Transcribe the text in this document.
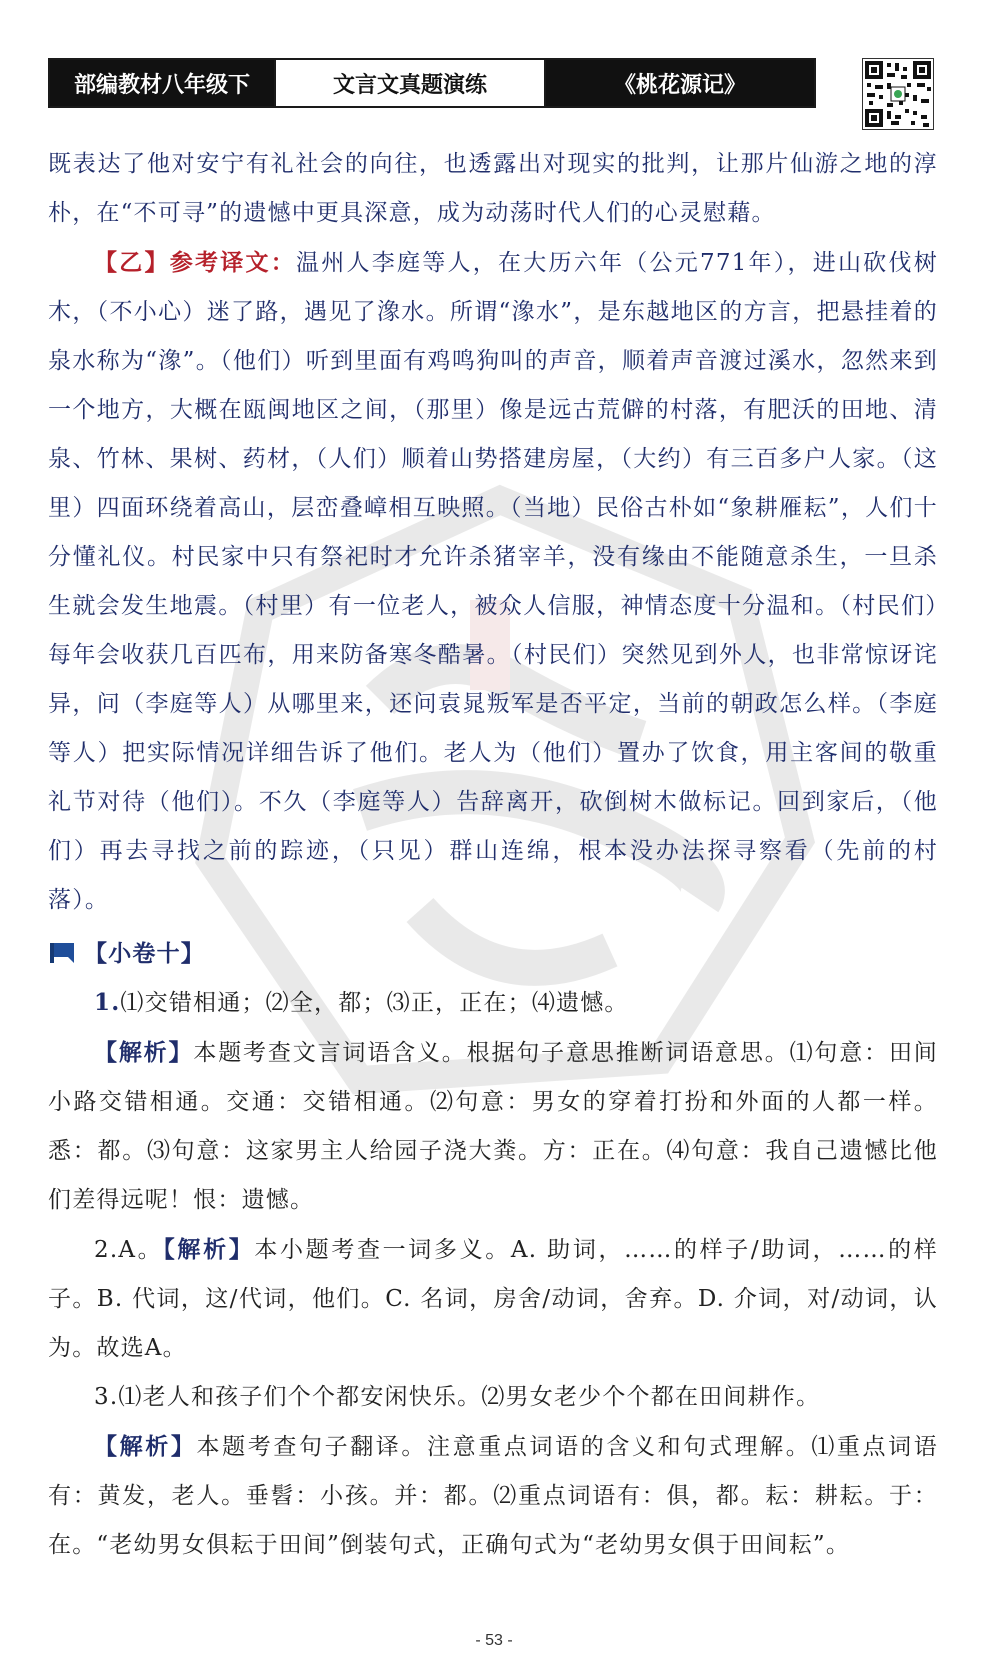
部编教材八年级下	文言文真题演练	《桃花源记》

既表达了他对安宁有礼社会的向往，也透露出对现实的批判，让那片仙游之地的淳朴，在“不可寻”的遗憾中更具深意，成为动荡时代人们的心灵慰藉。

【乙】参考译文：温州人李庭等人，在大历六年（公元771年），进山砍伐树木，（不小心）迷了路，遇见了潒水。所谓“潒水”，是东越地区的方言，把悬挂着的泉水称为“潒”。（他们）听到里面有鸡鸣狗叫的声音，顺着声音渡过溪水，忽然来到一个地方，大概在瓯闽地区之间，（那里）像是远古荒僻的村落，有肥沃的田地、清泉、竹林、果树、药材，（人们）顺着山势搭建房屋，（大约）有三百多户人家。（这里）四面环绕着高山，层峦叠嶂相互映照。（当地）民俗古朴如“象耕雁耘”，人们十分懂礼仪。村民家中只有祭祀时才允许杀猪宰羊，没有缘由不能随意杀生，一旦杀生就会发生地震。（村里）有一位老人，被众人信服，神情态度十分温和。（村民们）每年会收获几百匹布，用来防备寒冬酷暑。（村民们）突然见到外人，也非常惊讶诧异，问（李庭等人）从哪里来，还问袁晁叛军是否平定，当前的朝政怎么样。（李庭等人）把实际情况详细告诉了他们。老人为（他们）置办了饮食，用主客间的敬重礼节对待（他们）。不久（李庭等人）告辞离开，砍倒树木做标记。回到家后，（他们）再去寻找之前的踪迹，（只见）群山连绵，根本没办法探寻察看（先前的村落）。

【小卷十】

1.⑴交错相通；⑵全，都；⑶正，正在；⑷遗憾。

【解析】本题考查文言词语含义。根据句子意思推断词语意思。⑴句意：田间小路交错相通。交通：交错相通。⑵句意：男女的穿着打扮和外面的人都一样。悉：都。⑶句意：这家男主人给园子浇大粪。方：正在。⑷句意：我自己遗憾比他们差得远呢！恨：遗憾。

2.A。【解析】本小题考查一词多义。A. 助词，……的样子/助词，……的样子。B. 代词，这/代词，他们。C. 名词，房舍/动词，舍弃。D. 介词，对/动词，认为。故选A。

3.⑴老人和孩子们个个都安闲快乐。⑵男女老少个个都在田间耕作。

【解析】本题考查句子翻译。注意重点词语的含义和句式理解。⑴重点词语有：黄发，老人。垂髫：小孩。并：都。⑵重点词语有：俱，都。耘：耕耘。于：在。“老幼男女俱耘于田间”倒装句式，正确句式为“老幼男女俱于田间耘”。

- 53 -
